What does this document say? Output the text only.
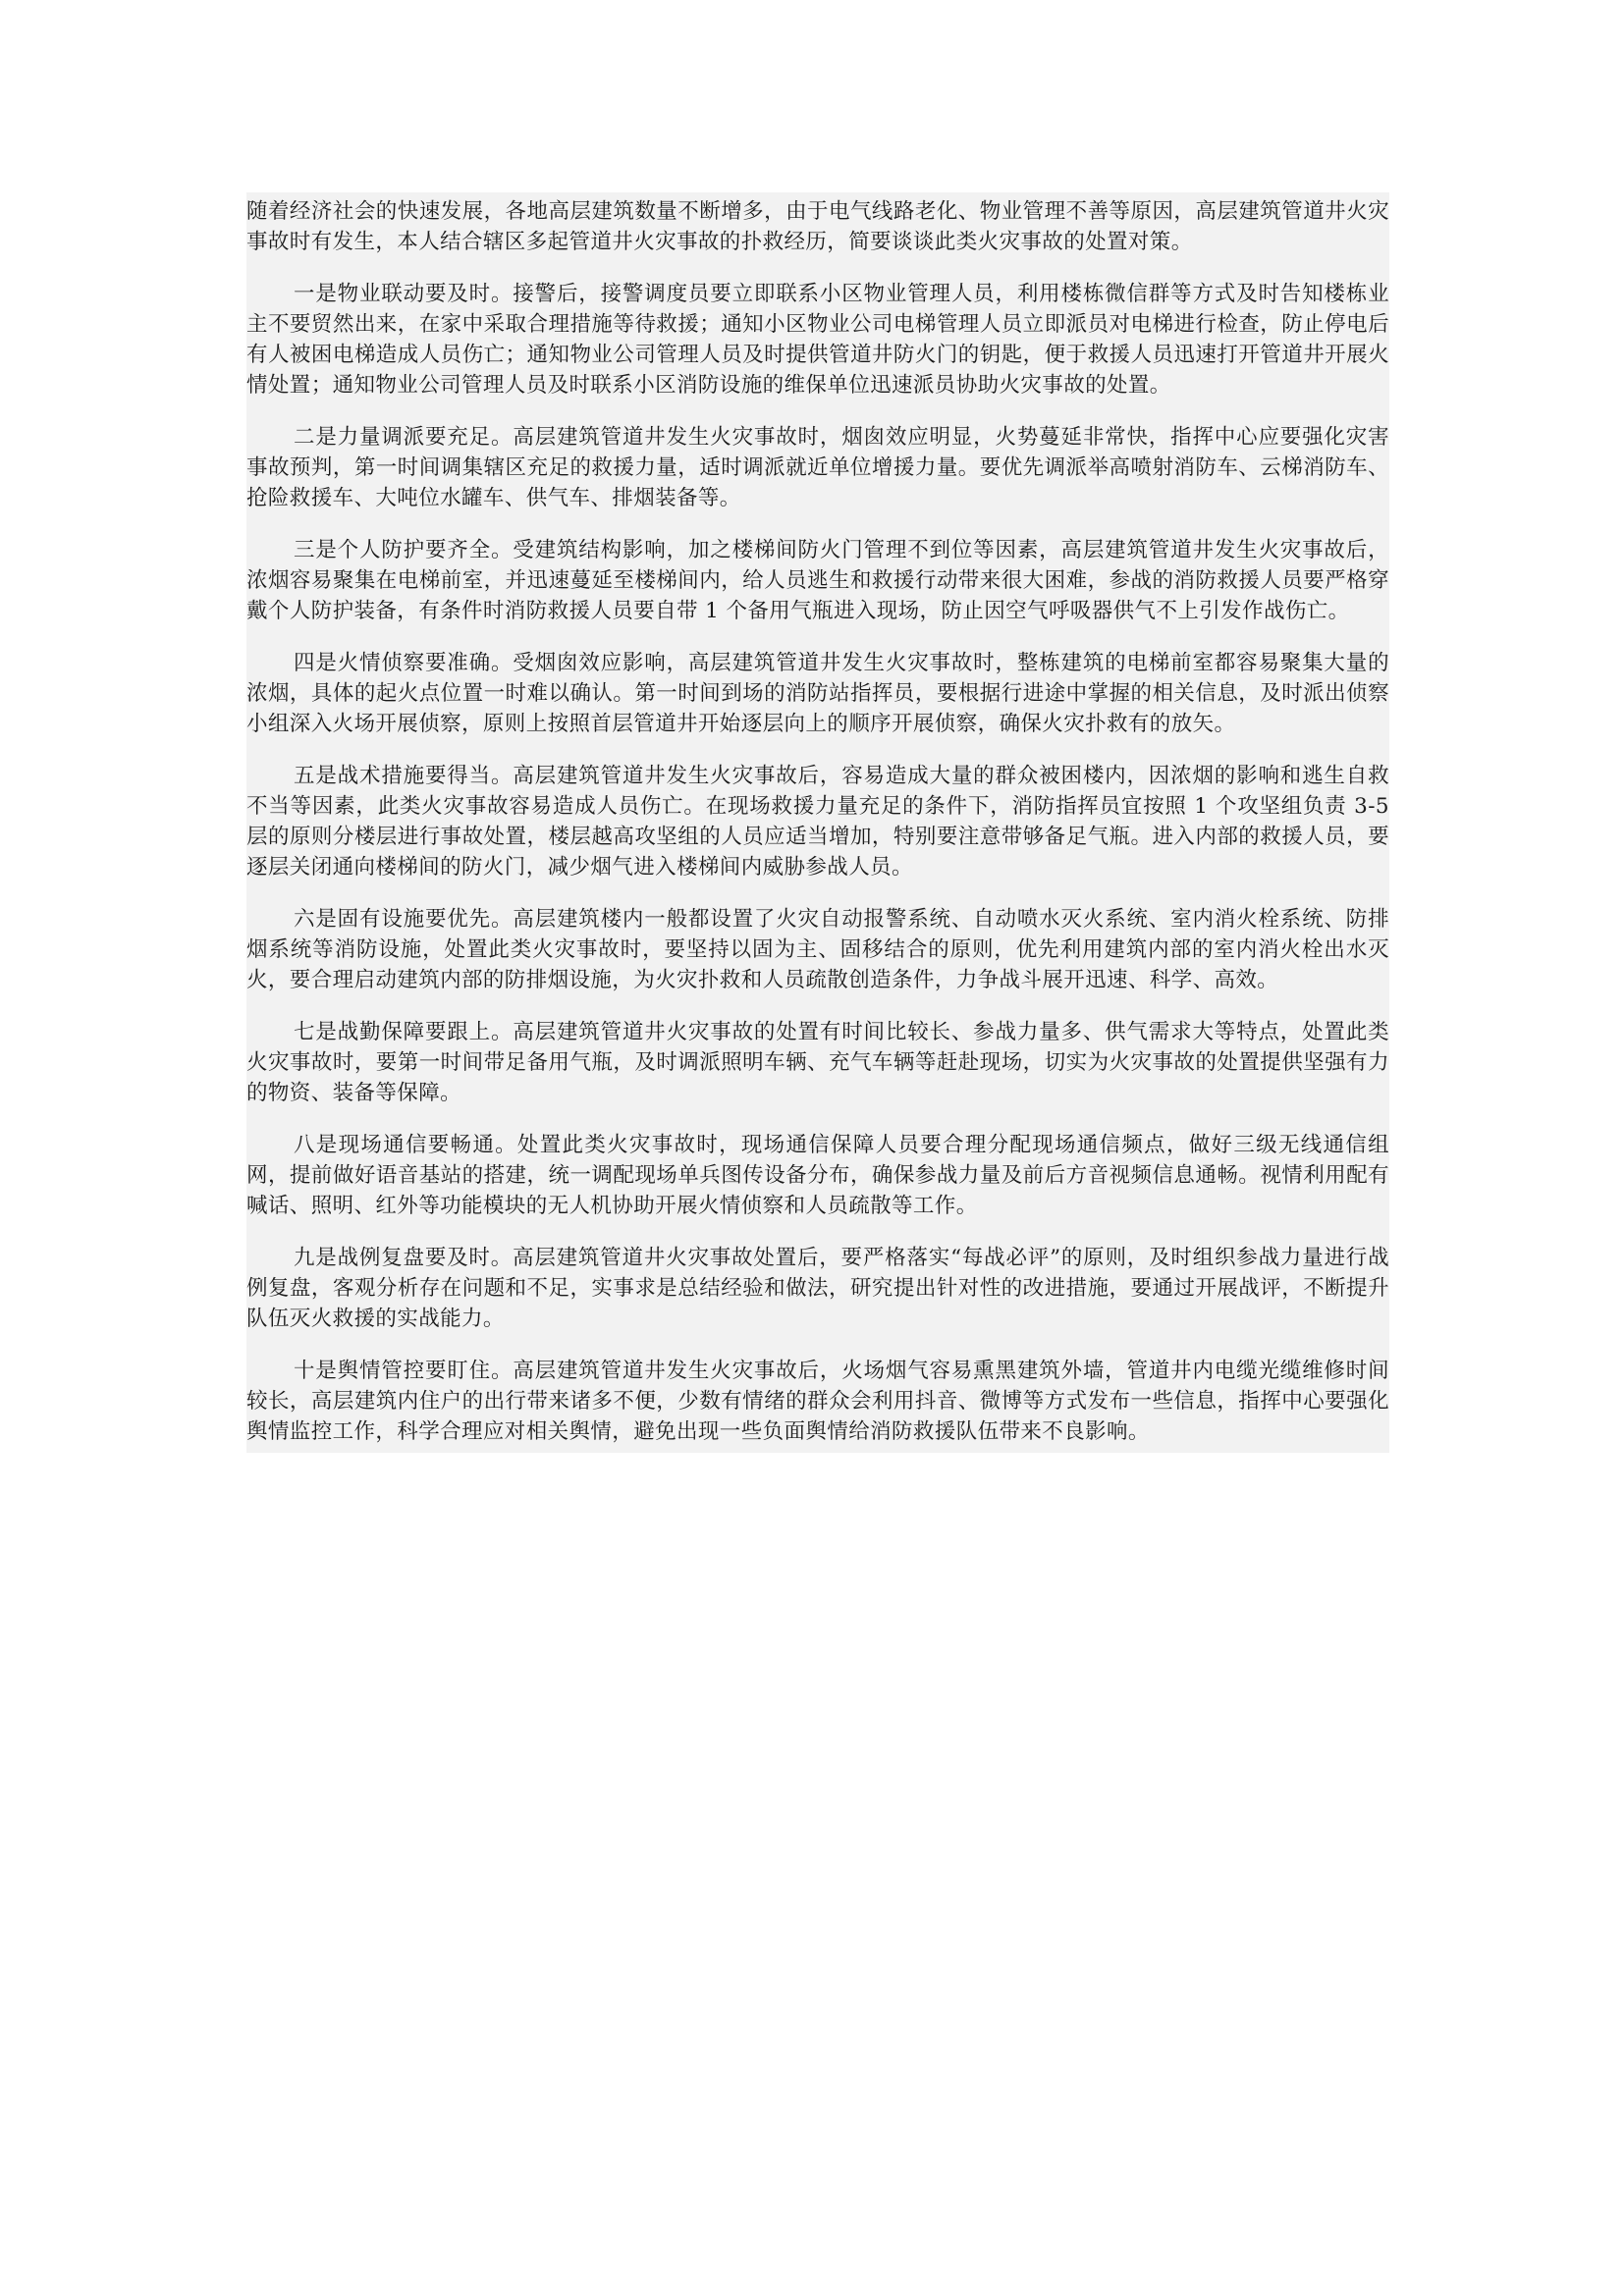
随着经济社会的快速发展，各地高层建筑数量不断增多，由于电气线路老化、物业管理不善等原因，高层建筑管道井火灾事故时有发生，本人结合辖区多起管道井火灾事故的扑救经历，简要谈谈此类火灾事故的处置对策。

一是物业联动要及时。接警后，接警调度员要立即联系小区物业管理人员，利用楼栋微信群等方式及时告知楼栋业主不要贸然出来，在家中采取合理措施等待救援；通知小区物业公司电梯管理人员立即派员对电梯进行检查，防止停电后有人被困电梯造成人员伤亡；通知物业公司管理人员及时提供管道井防火门的钥匙，便于救援人员迅速打开管道井开展火情处置；通知物业公司管理人员及时联系小区消防设施的维保单位迅速派员协助火灾事故的处置。

二是力量调派要充足。高层建筑管道井发生火灾事故时，烟囱效应明显，火势蔓延非常快，指挥中心应要强化灾害事故预判，第一时间调集辖区充足的救援力量，适时调派就近单位增援力量。要优先调派举高喷射消防车、云梯消防车、抢险救援车、大吨位水罐车、供气车、排烟装备等。

三是个人防护要齐全。受建筑结构影响，加之楼梯间防火门管理不到位等因素，高层建筑管道井发生火灾事故后，浓烟容易聚集在电梯前室，并迅速蔓延至楼梯间内，给人员逃生和救援行动带来很大困难，参战的消防救援人员要严格穿戴个人防护装备，有条件时消防救援人员要自带 1 个备用气瓶进入现场，防止因空气呼吸器供气不上引发作战伤亡。

四是火情侦察要准确。受烟囱效应影响，高层建筑管道井发生火灾事故时，整栋建筑的电梯前室都容易聚集大量的浓烟，具体的起火点位置一时难以确认。第一时间到场的消防站指挥员，要根据行进途中掌握的相关信息，及时派出侦察小组深入火场开展侦察，原则上按照首层管道井开始逐层向上的顺序开展侦察，确保火灾扑救有的放矢。

五是战术措施要得当。高层建筑管道井发生火灾事故后，容易造成大量的群众被困楼内，因浓烟的影响和逃生自救不当等因素，此类火灾事故容易造成人员伤亡。在现场救援力量充足的条件下，消防指挥员宜按照 1 个攻坚组负责 3-5 层的原则分楼层进行事故处置，楼层越高攻坚组的人员应适当增加，特别要注意带够备足气瓶。进入内部的救援人员，要逐层关闭通向楼梯间的防火门，减少烟气进入楼梯间内威胁参战人员。

六是固有设施要优先。高层建筑楼内一般都设置了火灾自动报警系统、自动喷水灭火系统、室内消火栓系统、防排烟系统等消防设施，处置此类火灾事故时，要坚持以固为主、固移结合的原则，优先利用建筑内部的室内消火栓出水灭火，要合理启动建筑内部的防排烟设施，为火灾扑救和人员疏散创造条件，力争战斗展开迅速、科学、高效。

七是战勤保障要跟上。高层建筑管道井火灾事故的处置有时间比较长、参战力量多、供气需求大等特点，处置此类火灾事故时，要第一时间带足备用气瓶，及时调派照明车辆、充气车辆等赶赴现场，切实为火灾事故的处置提供坚强有力的物资、装备等保障。

八是现场通信要畅通。处置此类火灾事故时，现场通信保障人员要合理分配现场通信频点，做好三级无线通信组网，提前做好语音基站的搭建，统一调配现场单兵图传设备分布，确保参战力量及前后方音视频信息通畅。视情利用配有喊话、照明、红外等功能模块的无人机协助开展火情侦察和人员疏散等工作。

九是战例复盘要及时。高层建筑管道井火灾事故处置后，要严格落实“每战必评”的原则，及时组织参战力量进行战例复盘，客观分析存在问题和不足，实事求是总结经验和做法，研究提出针对性的改进措施，要通过开展战评，不断提升队伍灭火救援的实战能力。

十是舆情管控要盯住。高层建筑管道井发生火灾事故后，火场烟气容易熏黑建筑外墙，管道井内电缆光缆维修时间较长，高层建筑内住户的出行带来诸多不便，少数有情绪的群众会利用抖音、微博等方式发布一些信息，指挥中心要强化舆情监控工作，科学合理应对相关舆情，避免出现一些负面舆情给消防救援队伍带来不良影响。
